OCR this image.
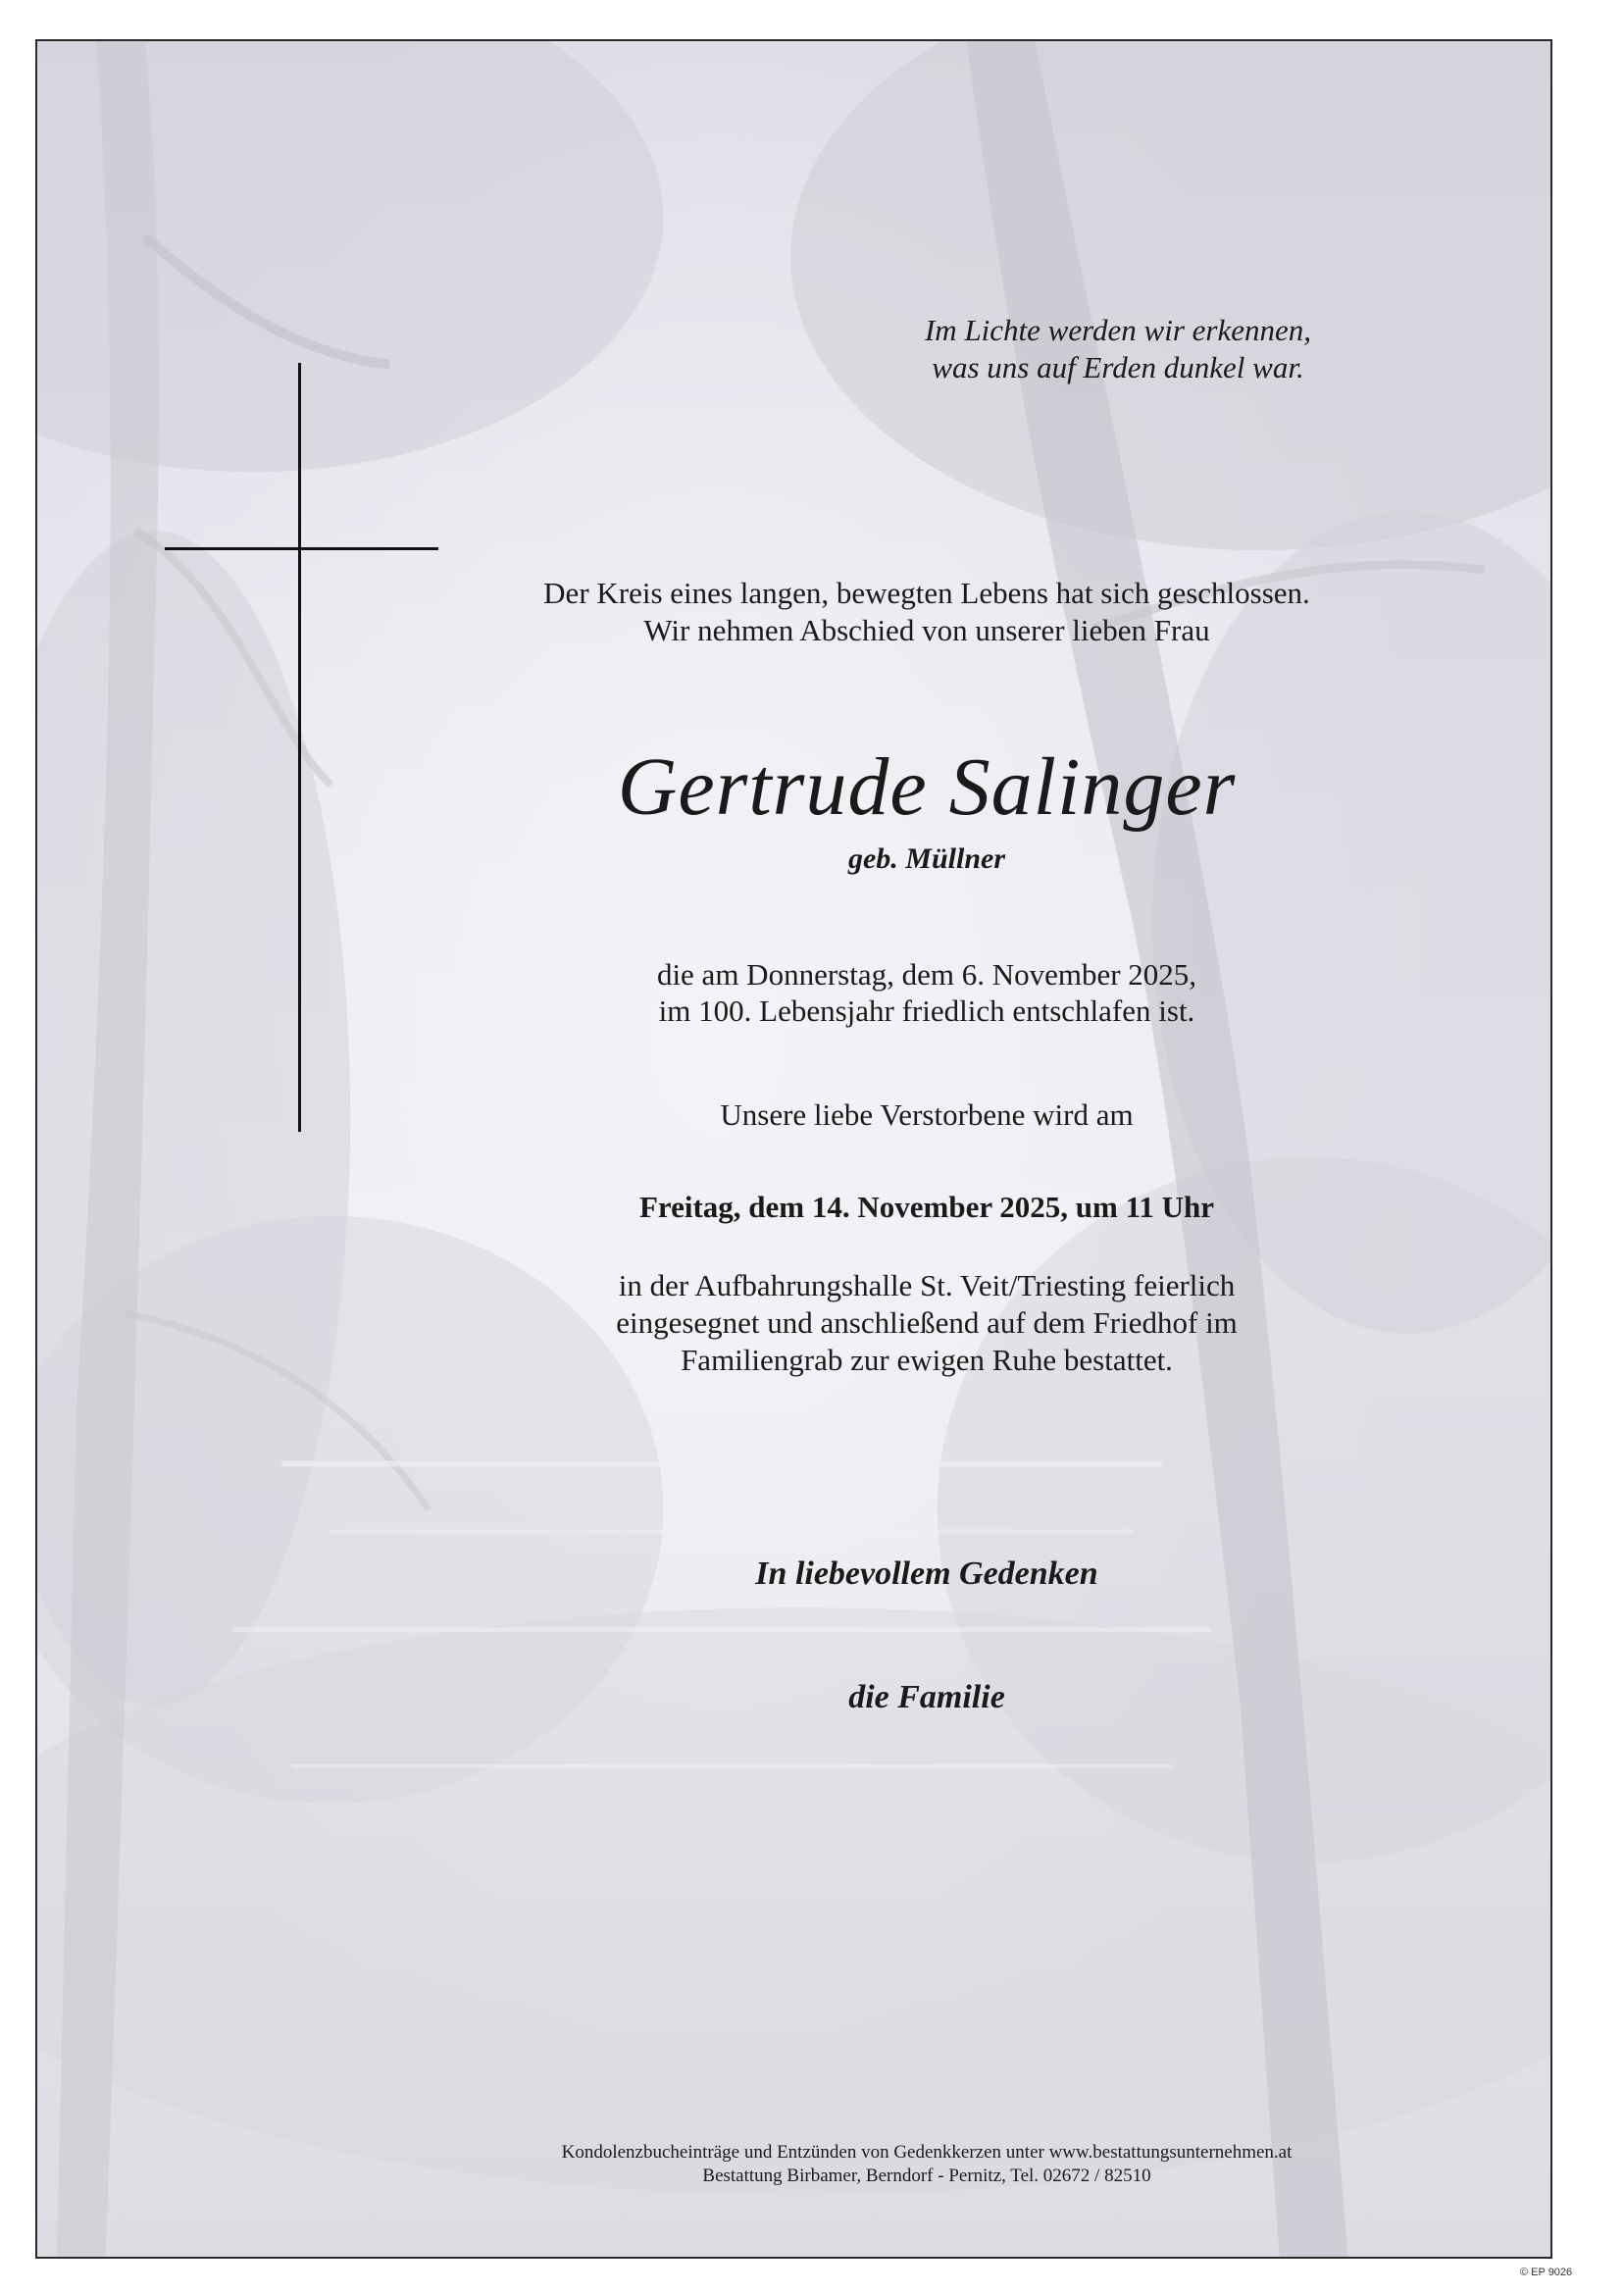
Im Lichte werden wir erkennen,
was uns auf Erden dunkel war.
Der Kreis eines langen, bewegten Lebens hat sich geschlossen.
Wir nehmen Abschied von unserer lieben Frau
Gertrude Salinger
geb. Müllner
die am Donnerstag, dem 6. November 2025,
im 100. Lebensjahr friedlich entschlafen ist.
Unsere liebe Verstorbene wird am
Freitag, dem 14. November 2025, um 11 Uhr
in der Aufbahrungshalle St. Veit/Triesting feierlich
eingesegnet und anschließend auf dem Friedhof im
Familiengrab zur ewigen Ruhe bestattet.
In liebevollem Gedenken
die Familie
Kondolenzbucheinträge und Entzünden von Gedenkkerzen unter www.bestattungsunternehmen.at
Bestattung Birbamer, Berndorf - Pernitz, Tel. 02672 / 82510
© EP 9026
